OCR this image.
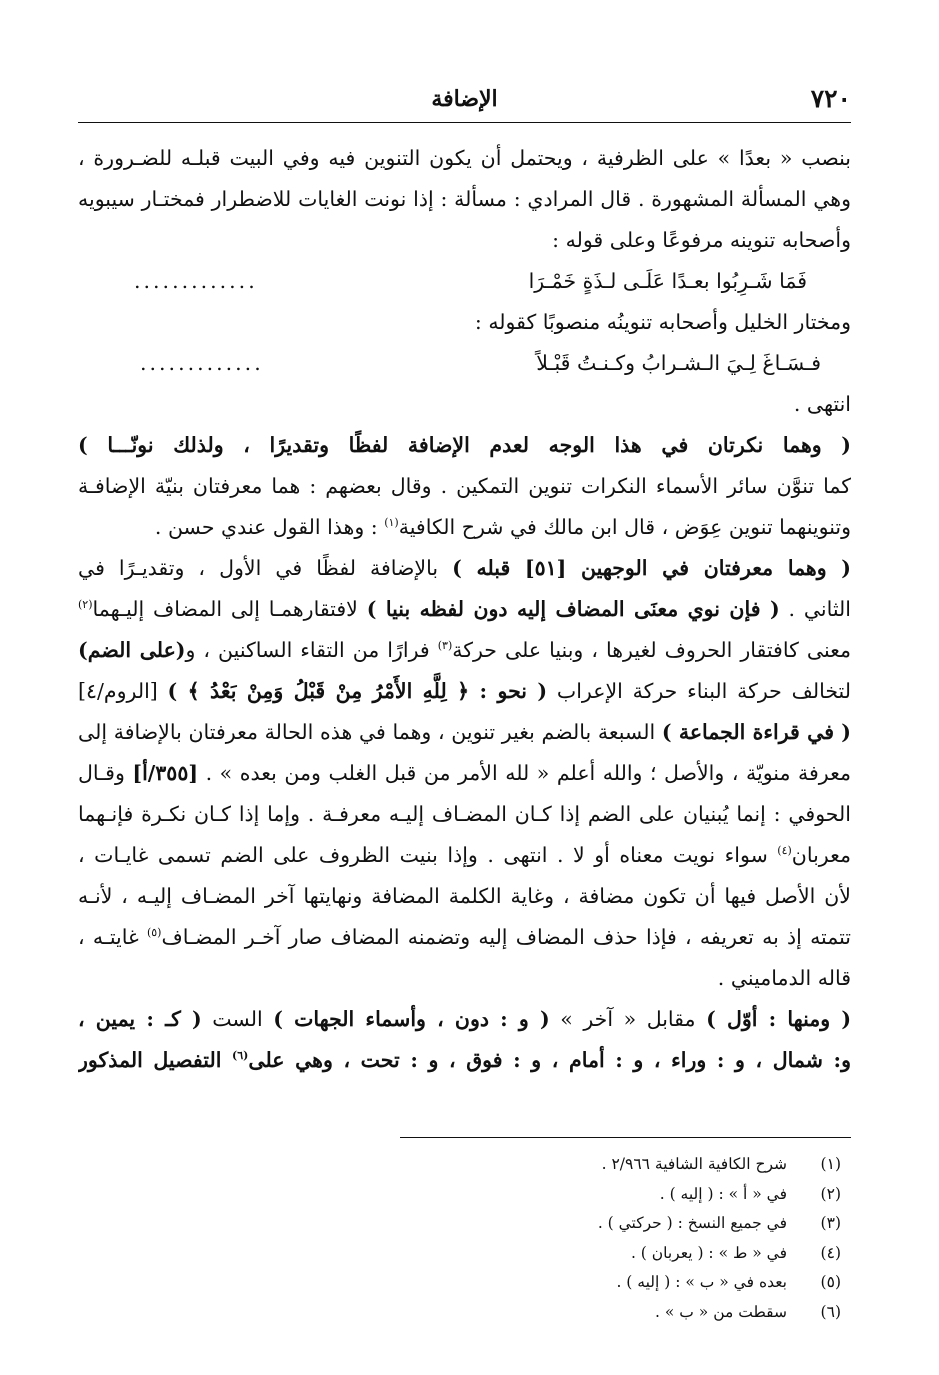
٧٢٠
الإضافة
بنصب « بعدًا » على الظرفية ، ويحتمل أن يكون التنوين فيه وفي البيت قبلـه للضـرورة ،
وهي المسألة المشهورة . قال المرادي : مسألة : إذا نونت الغايات للاضطرار فمختـار سيبويه
وأصحابه تنوينه مرفوعًا وعلى قوله :
فَمَا شَـرِبُوا بعـدًا عَلَـى لـذَةٍ خَمْـرَا
.............
ومختار الخليل وأصحابه تنوينُه منصوبًا كقوله :
فـسَـاغَ لِـيَ الـشـرابُ وكـنـتُ قَبْـلاً
.............
انتهى .
( وهما نكرتان في هذا الوجه لعدم الإضافة لفظًا وتقديرًا ، ولذلك نونّـــا )
كما تنوَّن سائر الأسماء النكرات تنوين التمكين . وقال بعضهم : هما معرفتان بنيّة الإضافـة
وتنوينهما تنوين عِوَض ، قال ابن مالك في شرح الكافية$^{(١)}$ : وهذا القول عندي حسن .
( وهما معرفتان في الوجهين [٥١] قبله ) بالإضافة لفظًا في الأول ، وتقديـرًا في
الثاني . ( فإن نوي معنَى المضاف إليه دون لفظه بنيا ) لافتقارهمـا إلى المضاف إليـهما$^{(٢)}$
معنى كافتقار الحروف لغيرها ، وبنيا على حركة$^{(٣)}$ فرارًا من التقاء الساكنين ، و(على الضم)
لتخالف حركة البناء حركة الإعراب ( نحو : ﴿ لِلَّهِ الأَمْرُ مِنْ قَبْلُ وَمِنْ بَعْدُ ﴾ ) [الروم/٤]
( في قراءة الجماعة ) السبعة بالضم بغير تنوين ، وهما في هذه الحالة معرفتان بالإضافة إلى
معرفة منويّة ، والأصل ؛ والله أعلم « لله الأمر من قبل الغلب ومن بعده » . [٣٥٥/أ] وقـال
الحوفي : إنما يُبنيان على الضم إذا كـان المضـاف إليـه معرفـة . وإما إذا كـان نكـرة فإنـهما
معربان$^{(٤)}$ سواء نويت معناه أو لا . انتهى . وإذا بنيت الظروف على الضم تسمى غايـات ،
لأن الأصل فيها أن تكون مضافة ، وغاية الكلمة المضافة ونهايتها آخر المضـاف إليـه ، لأنـه
تتمته إذ به تعريفه ، فإذا حذف المضاف إليه وتضمنه المضاف صار آخـر المضـاف$^{(٥)}$ غايتـه ،
قاله الدماميني .
( ومنها : أوّل ) مقابل « آخر » ( و : دون ، وأسماء الجهات ) الست ( كـ : يمين ،
و: شمال ، و : وراء ، و : أمام ، و : فوق ، و : تحت ، وهي على$^{(٦)}$ التفصيل المذكور
(١)شرح الكافية الشافية ٢/٩٦٦ .
(٢)في « أ » : ( إليه ) .
(٣)في جميع النسخ : ( حركتي ) .
(٤)في « ط » : ( يعربان ) .
(٥)بعده في « ب » : ( إليه ) .
(٦)سقطت من « ب » .
